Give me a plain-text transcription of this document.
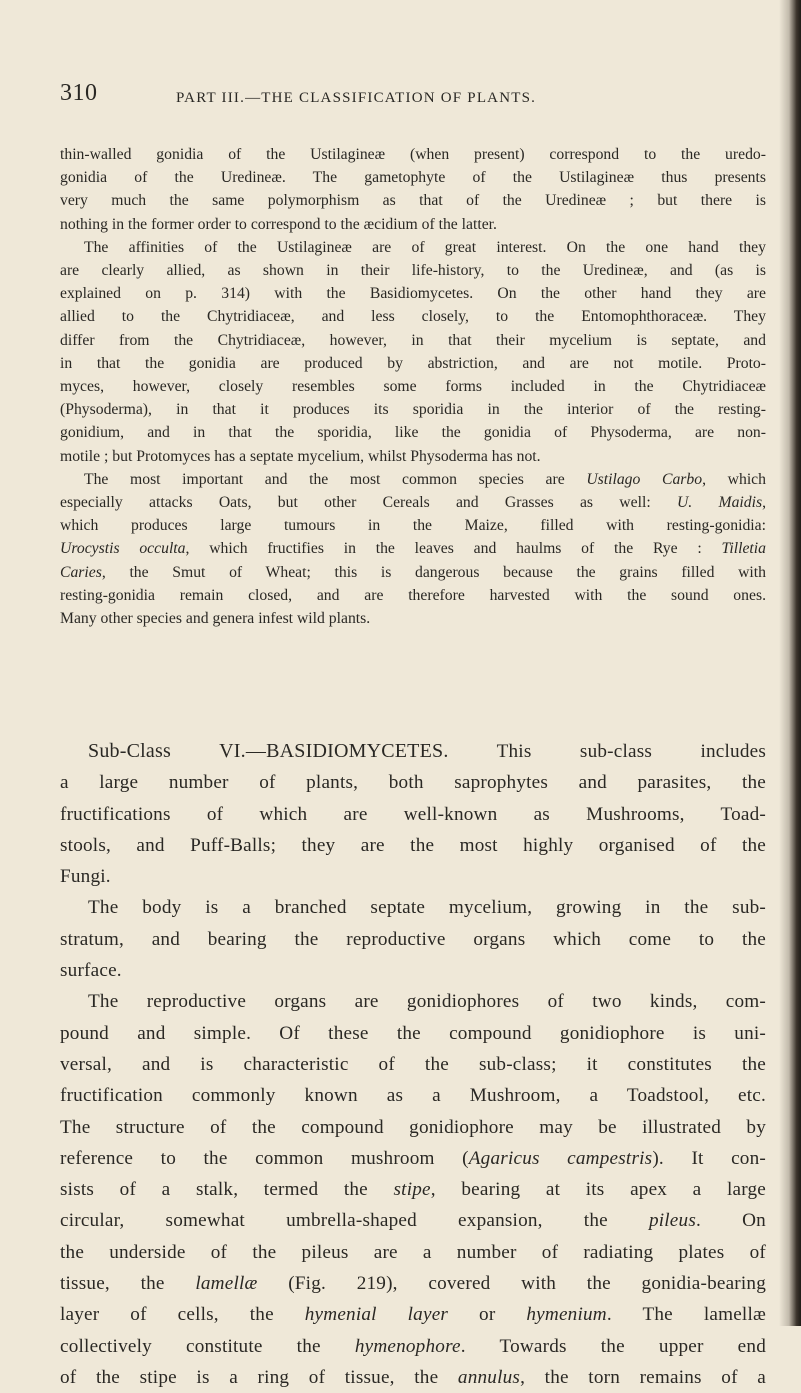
310	PART III.—THE CLASSIFICATION OF PLANTS.
thin-walled gonidia of the Ustilagineæ (when present) correspond to the uredo-
gonidia of the Uredineæ. The gametophyte of the Ustilagineæ thus presents
very much the same polymorphism as that of the Uredineæ ; but there is
nothing in the former order to correspond to the æcidium of the latter.
The affinities of the Ustilagineæ are of great interest. On the one hand they
are clearly allied, as shown in their life-history, to the Uredineæ, and (as is
explained on p. 314) with the Basidiomycetes. On the other hand they are
allied to the Chytridiaceæ, and less closely, to the Entomophthoraceæ. They
differ from the Chytridiaceæ, however, in that their mycelium is septate, and
in that the gonidia are produced by abstriction, and are not motile. Proto-
myces, however, closely resembles some forms included in the Chytridiaceæ
(Physoderma), in that it produces its sporidia in the interior of the resting-
gonidium, and in that the sporidia, like the gonidia of Physoderma, are non-
motile ; but Protomyces has a septate mycelium, whilst Physoderma has not.
The most important and the most common species are Ustilago Carbo, which
especially attacks Oats, but other Cereals and Grasses as well: U. Maidis,
which produces large tumours in the Maize, filled with resting-gonidia:
Urocystis occulta, which fructifies in the leaves and haulms of the Rye : Tilletia
Caries, the Smut of Wheat; this is dangerous because the grains filled with
resting-gonidia remain closed, and are therefore harvested with the sound ones.
Many other species and genera infest wild plants.
Sub-Class VI.—BASIDIOMYCETES. This sub-class includes
a large number of plants, both saprophytes and parasites, the
fructifications of which are well-known as Mushrooms, Toad-
stools, and Puff-Balls; they are the most highly organised of the
Fungi.
The body is a branched septate mycelium, growing in the sub-
stratum, and bearing the reproductive organs which come to the
surface.
The reproductive organs are gonidiophores of two kinds, com-
pound and simple. Of these the compound gonidiophore is uni-
versal, and is characteristic of the sub-class; it constitutes the
fructification commonly known as a Mushroom, a Toadstool, etc.
The structure of the compound gonidiophore may be illustrated by
reference to the common mushroom (Agaricus campestris). It con-
sists of a stalk, termed the stipe, bearing at its apex a large
circular, somewhat umbrella-shaped expansion, the pileus. On
the underside of the pileus are a number of radiating plates of
tissue, the lamellæ (Fig. 219), covered with the gonidia-bearing
layer of cells, the hymenial layer or hymenium. The lamellæ
collectively constitute the hymenophore. Towards the upper end
of the stipe is a ring of tissue, the annulus, the torn remains of a
